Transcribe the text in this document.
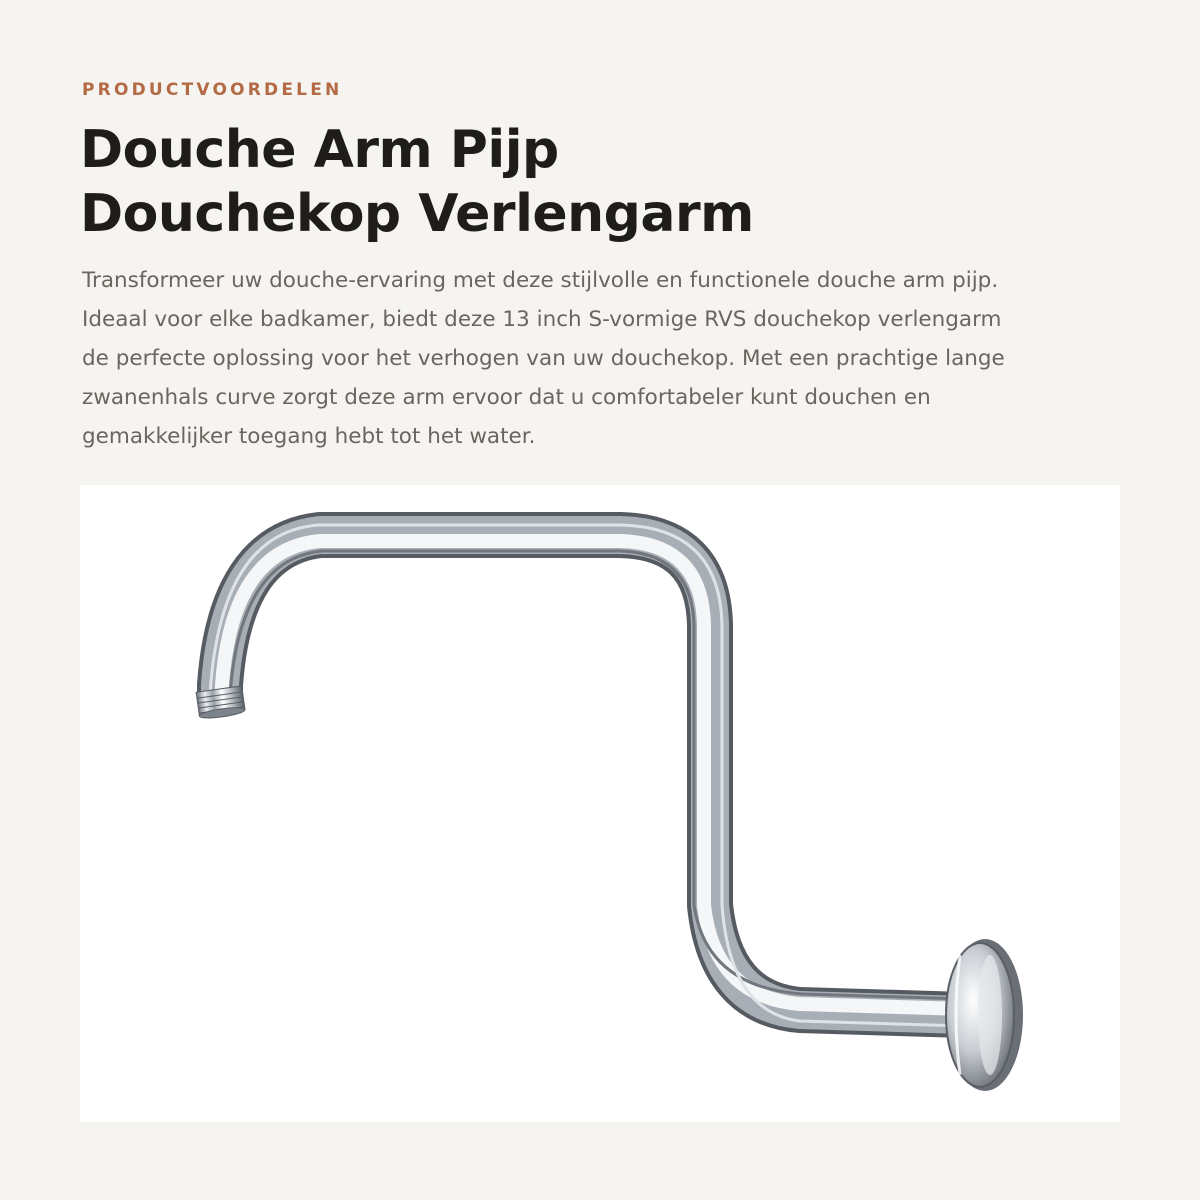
PRODUCTVOORDELEN
Douche Arm Pijp
Douchekop Verlengarm

Transformeer uw douche-ervaring met deze stijlvolle en functionele douche arm pijp.
Ideaal voor elke badkamer, biedt deze 13 inch S-vormige RVS douchekop verlengarm
de perfecte oplossing voor het verhogen van uw douchekop. Met een prachtige lange
zwanenhals curve zorgt deze arm ervoor dat u comfortabeler kunt douchen en
gemakkelijker toegang hebt tot het water.
